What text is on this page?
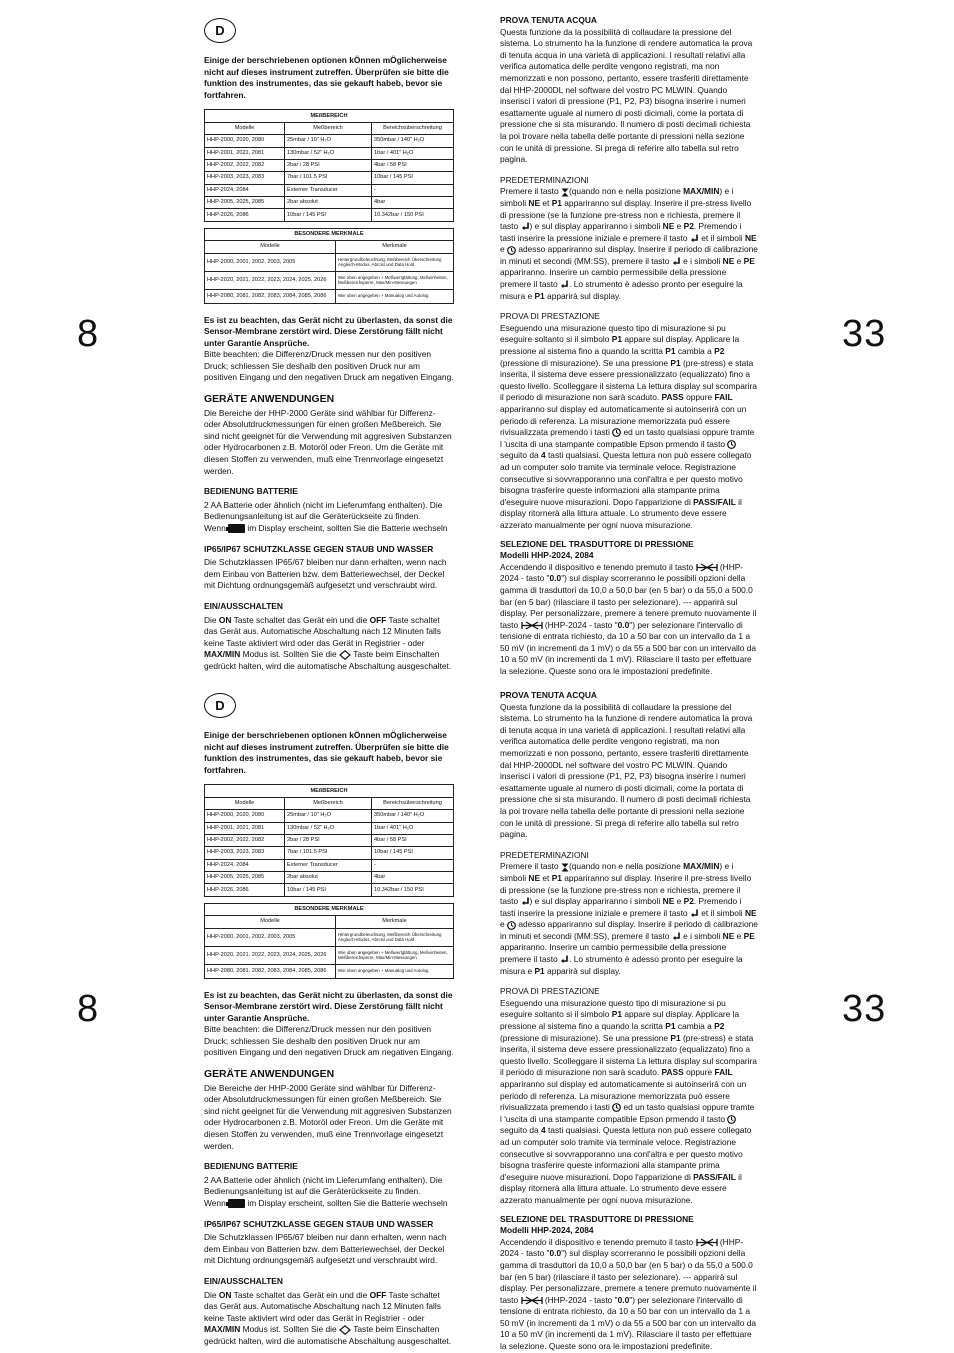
8	33
D
Einige der berschriebenen optionen kÖnnen mÖglicherweise nicht auf dieses instrument zutreffen. Überprüfen sie bitte die funktion des instrumentes, das sie gekauft habeb, bevor sie fortfahren.
MEßBEREICH		
Modelle	Meßbereich	Bereichsüberschreitung
HHP-2000, 2020, 2080	25mbar / 10" H₂O	350mbar / 140" H₂O
HHP-2001, 2021, 2081	130mbar / 52" H₂O	1bar / 401" H₂O
HHP-2002, 2022, 2082	2bar / 28 PSI	4bar / 58 PSI
HHP-2003, 2023, 2083	7bar / 101.5 PSI	10bar / 145 PSI
HHP-2024, 2084	Externer Transducer	-
HHP-2005, 2025, 2085	2bar absolut	4bar
HHP-2026, 2086	10bar / 145 PSI	10.342bar / 150 PSI
BESONDERE MERKMALE	
Modelle	Merkmale
HHP-2000, 2001, 2002, 2003, 2005	Hintergrundbeleuchtung, Meßbereich Überschreitung Angleich-Modus, Abrcisl und Data Hold
HHP-2020, 2021, 2022, 2023, 2024, 2025, 2026	Wie oben angegeben + Meßwertglättung, Meßeinheiten, Meßbereichsperre, Max/Min-Messungen
HHP-2080, 2081, 2082, 2083, 2084, 2085, 2086	Wie oben angegeben + Manualog und Autolog
Es ist zu beachten, das Gerät nicht zu überlasten, da sonst die Sensor-Membrane zerstört wird. Diese Zerstörung fällt nicht unter Garantie Ansprüche.
Bitte beachten: die Differenz/Druck messen nur den positiven Druck; schliessen Sie deshalb den positiven Druck nur am positiven Eingang und den negativen Druck am negativen Eingang.
GERÄTE ANWENDUNGEN
Die Bereiche der HHP-2000 Geräte sind wählbar für Differenz- oder Absolutdruckmessungen für einen großen Meßbereich. Sie sind nicht geeignet für die Verwendung mit aggresiven Substanzen oder Hydrocarbonen z.B. Motoröl oder Freon. Um die Geräte mit diesen Stoffen zu verwenden, muß eine Trennvorlage eingesetzt werden.
BEDIENUNG BATTERIE
2 AA Batterie oder ähnlich (nicht im Lieferumfang enthalten). Die Bedienungsanleitung ist auf die Geräterückseite zu finden.
Wenn	im Display erscheint, sollten Sie die Batterie wechseln
IP65/IP67 SCHUTZKLASSE GEGEN STAUB UND WASSER
Die Schutzklassen IP65/67 bleiben nur dann erhalten, wenn nach dem Einbau von Batterien bzw. dem Batteriewechsel, der Deckel mit Dichtung ordnungsgemäß aufgesetzt und verschraubt wird.
EIN/AUSSCHALTEN
Die ON Taste schaltet das Gerät ein und die OFF Taste schaltet das Gerät aus. Automatische Abschaltung nach 12 Minuten falls keine Taste aktiviert wird oder das Gerät in Registrier - oder MAX/MIN Modus ist. Sollten Sie die Taste beim Einschalten gedrückt halten, wird die automatische Abschaltung ausgeschaltet.
PROVA TENUTA ACQUA
Questa funzione da la possibilità di collaudare la pressione del sistema. Lo strumento ha la funzione di rendere automatica la prova di tenuta acqua in una varietà di applicazioni. I resultati relativi alla verifica automatica delle perdite vengono registrati, ma non memorizzati e non possono, pertanto, essere trasferiti direttamente dal HHP-2000DL nel software del vostro PC MLWIN. Quando inserisci i valori di pressione (P1, P2, P3) bisogna inserire i numeri esattamente uguale al numero di posti dicimali, come la portata di pressione che si sta misurando. Il numero di posti decimali richiesta la poi trovare nella tabella delle portante di pressioni nella sezione con le unità di pressione. Si prega di referire allo tabella sul retro pagina.
PREDETERMINAZIONI
Premere il tasto (quando non e nella posizione MAX/MIN) e i simboli NE et P1 appariranno sul display. Inserire il pre-stress livello di pressione (se la funzione pre-stress non e richiesta, premere il tasto ) e sul display appariranno i simboli NE e P2. Premendo i tasti inserire la pressione iniziale e premere il tasto et il simboli NE e adesso appariranno sul display. Inserire il periodo di calibrazione in minuti et secondi (MM:SS), premere il tasto e i simboli NE e PE appariranno. Inserire un cambio permessibile della pressione premere il tasto . Lo strumento è adesso pronto per eseguire la misura e P1 apparirà sul display.
PROVA DI PRESTAZIONE
Eseguendo una misurazione questo tipo di misurazione si pu eseguire soltanto si il simbolo P1 appare sul display. Applicare la pressione al sistema fino a quando la scritta P1 cambia a P2 (pressione di misurazione). Se una pressione P1 (pre-stress) e stata inserita, il sistema deve essere pressionalizzato (equalizzato) fino a questo livello. Scolleggare il sistema La lettura display sul scomparira il periodo di misurazione non sarà scaduto. PASS oppure FAIL appariranno sul display ed automaticamente si autoinserirà con un periodo di referenza. La misurazione memorizzata può essere rivisualizzata premendo i tasti ed un tasto qualsiasi oppure tramte l 'uscita di una stampante compatible Epson prmendo il tasto  seguito da 4 tasti qualsiasi. Questa lettura non può essere collegato ad un computer solo tramite via terminale veloce. Registrazione consecutive si sovvrapporanno una conl'altra e per questo motivo bisogna trasferire queste informazioni alla stampante prima d'eseguire nuove misurazioni. Dopo l'apparizione di PASS/FAIL il display ritornerà alla littura attuale. Lo strumento deve essere azzerato manualmente per ogni nuova misurazione.
SELEZIONE DEL TRASDUTTORE DI PRESSIONE
Modelli HHP-2024, 2084
Accendendo il dispositivo e tenendo premuto il tasto	(HHP-2024 - tasto "0.0") sul display scorreranno le possibili opzioni della gamma di trasduttori da 10,0 a 50,0 bar (en 5 bar) o da 55,0 a 500.0 bar (en 5 bar) (rilasciare il tasto per selezionare). --- apparirà sul display. Per personalizzare, premere a tenere premuto nuovamente il tasto	(HHP-2024 - tasto "0.0") per selezionare l'intervallo di tensione di entrata richiesto, da 10 a 50 bar con un intervallo da 1 a 50 mV (in incrementi da 1 mV) o da 55 a 500 bar con un intervallo da 10 a 50 mV (in incrementi da 1 mV). Rilasciare il tasto per effettuare la selezione. Queste sono ora le impostazioni predefinite.
8	33
D
Einige der berschriebenen optionen kÖnnen mÖglicherweise nicht auf dieses instrument zutreffen. Überprüfen sie bitte die funktion des instrumentes, das sie gekauft habeb, bevor sie fortfahren.
MEßBEREICH		
Modelle	Meßbereich	Bereichsüberschreitung
HHP-2000, 2020, 2080	25mbar / 10" H₂O	350mbar / 140" H₂O
HHP-2001, 2021, 2081	130mbar / 52" H₂O	1bar / 401" H₂O
HHP-2002, 2022, 2082	2bar / 28 PSI	4bar / 58 PSI
HHP-2003, 2023, 2083	7bar / 101.5 PSI	10bar / 145 PSI
HHP-2024, 2084	Externer Transducer	-
HHP-2005, 2025, 2085	2bar absolut	4bar
HHP-2026, 2086	10bar / 145 PSI	10.342bar / 150 PSI
BESONDERE MERKMALE	
Modelle	Merkmale
HHP-2000, 2001, 2002, 2003, 2005	Hintergrundbeleuchtung, Meßbereich Überschreitung Angleich-Modus, Abrcisl und Data Hold
HHP-2020, 2021, 2022, 2023, 2024, 2025, 2026	Wie oben angegeben + Meßwertglättung, Meßeinheiten, Meßbereichsperre, Max/Min-Messungen
HHP-2080, 2081, 2082, 2083, 2084, 2085, 2086	Wie oben angegeben + Manualog und Autolog
Es ist zu beachten, das Gerät nicht zu überlasten, da sonst die Sensor-Membrane zerstört wird. Diese Zerstörung fällt nicht unter Garantie Ansprüche.
Bitte beachten: die Differenz/Druck messen nur den positiven Druck; schliessen Sie deshalb den positiven Druck nur am positiven Eingang und den negativen Druck am negativen Eingang.
GERÄTE ANWENDUNGEN
Die Bereiche der HHP-2000 Geräte sind wählbar für Differenz- oder Absolutdruckmessungen für einen großen Meßbereich. Sie sind nicht geeignet für die Verwendung mit aggresiven Substanzen oder Hydrocarbonen z.B. Motoröl oder Freon. Um die Geräte mit diesen Stoffen zu verwenden, muß eine Trennvorlage eingesetzt werden.
BEDIENUNG BATTERIE
2 AA Batterie oder ähnlich (nicht im Lieferumfang enthalten). Die Bedienungsanleitung ist auf die Geräterückseite zu finden.
Wenn	im Display erscheint, sollten Sie die Batterie wechseln
IP65/IP67 SCHUTZKLASSE GEGEN STAUB UND WASSER
Die Schutzklassen IP65/67 bleiben nur dann erhalten, wenn nach dem Einbau von Batterien bzw. dem Batteriewechsel, der Deckel mit Dichtung ordnungsgemäß aufgesetzt und verschraubt wird.
EIN/AUSSCHALTEN
Die ON Taste schaltet das Gerät ein und die OFF Taste schaltet das Gerät aus. Automatische Abschaltung nach 12 Minuten falls keine Taste aktiviert wird oder das Gerät in Registrier - oder MAX/MIN Modus ist. Sollten Sie die Taste beim Einschalten gedrückt halten, wird die automatische Abschaltung ausgeschaltet.
PROVA TENUTA ACQUA
Questa funzione da la possibilità di collaudare la pressione del sistema. Lo strumento ha la funzione di rendere automatica la prova di tenuta acqua in una varietà di applicazioni. I resultati relativi alla verifica automatica delle perdite vengono registrati, ma non memorizzati e non possono, pertanto, essere trasferiti direttamente dal HHP-2000DL nel software del vostro PC MLWIN. Quando inserisci i valori di pressione (P1, P2, P3) bisogna inserire i numeri esattamente uguale al numero di posti dicimali, come la portata di pressione che si sta misurando. Il numero di posti decimali richiesta la poi trovare nella tabella delle portante di pressioni nella sezione con le unità di pressione. Si prega di referire allo tabella sul retro pagina.
PREDETERMINAZIONI
Premere il tasto (quando non e nella posizione MAX/MIN) e i simboli NE et P1 appariranno sul display. Inserire il pre-stress livello di pressione (se la funzione pre-stress non e richiesta, premere il tasto ) e sul display appariranno i simboli NE e P2. Premendo i tasti inserire la pressione iniziale e premere il tasto et il simboli NE e adesso appariranno sul display. Inserire il periodo di calibrazione in minuti et secondi (MM:SS), premere il tasto e i simboli NE e PE appariranno. Inserire un cambio permessibile della pressione premere il tasto . Lo strumento è adesso pronto per eseguire la misura e P1 apparirà sul display.
PROVA DI PRESTAZIONE
Eseguendo una misurazione questo tipo di misurazione si pu eseguire soltanto si il simbolo P1 appare sul display. Applicare la pressione al sistema fino a quando la scritta P1 cambia a P2 (pressione di misurazione). Se una pressione P1 (pre-stress) e stata inserita, il sistema deve essere pressionalizzato (equalizzato) fino a questo livello. Scolleggare il sistema La lettura display sul scomparira il periodo di misurazione non sarà scaduto. PASS oppure FAIL appariranno sul display ed automaticamente si autoinserirà con un periodo di referenza. La misurazione memorizzata può essere rivisualizzata premendo i tasti ed un tasto qualsiasi oppure tramte l 'uscita di una stampante compatible Epson prmendo il tasto  seguito da 4 tasti qualsiasi. Questa lettura non può essere collegato ad un computer solo tramite via terminale veloce. Registrazione consecutive si sovvrapporanno una conl'altra e per questo motivo bisogna trasferire queste informazioni alla stampante prima d'eseguire nuove misurazioni. Dopo l'apparizione di PASS/FAIL il display ritornerà alla littura attuale. Lo strumento deve essere azzerato manualmente per ogni nuova misurazione.
SELEZIONE DEL TRASDUTTORE DI PRESSIONE
Modelli HHP-2024, 2084
Accendendo il dispositivo e tenendo premuto il tasto	(HHP-2024 - tasto "0.0") sul display scorreranno le possibili opzioni della gamma di trasduttori da 10,0 a 50,0 bar (en 5 bar) o da 55,0 a 500.0 bar (en 5 bar) (rilasciare il tasto per selezionare). --- apparirà sul display. Per personalizzare, premere a tenere premuto nuovamente il tasto	(HHP-2024 - tasto "0.0") per selezionare l'intervallo di tensione di entrata richiesto, da 10 a 50 bar con un intervallo da 1 a 50 mV (in incrementi da 1 mV) o da 55 a 500 bar con un intervallo da 10 a 50 mV (in incrementi da 1 mV). Rilasciare il tasto per effettuare la selezione. Queste sono ora le impostazioni predefinite.
